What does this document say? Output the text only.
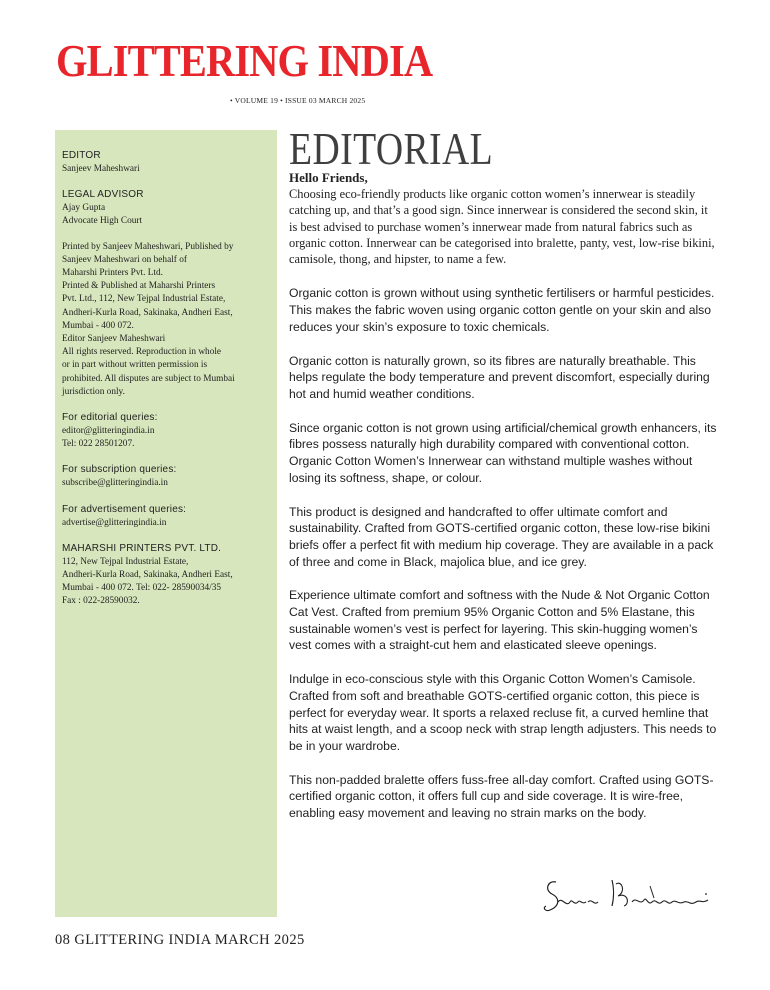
GLITTERING INDIA
• VOLUME 19 • ISSUE 03 MARCH 2025
EDITOR
Sanjeev Maheshwari
LEGAL ADVISOR
Ajay Gupta
Advocate High Court
Printed by Sanjeev Maheshwari, Published by
Sanjeev Maheshwari on behalf of
Maharshi Printers Pvt. Ltd.
Printed & Published at Maharshi Printers
Pvt. Ltd., 112, New Tejpal Industrial Estate,
Andheri-Kurla Road, Sakinaka, Andheri East,
Mumbai - 400 072.
Editor Sanjeev Maheshwari
All rights reserved. Reproduction in whole
or in part without written permission is
prohibited. All disputes are subject to Mumbai
jurisdiction only.
For editorial queries:
editor@glitteringindia.in
Tel: 022 28501207.
For subscription queries:
subscribe@glitteringindia.in
For advertisement queries:
advertise@glitteringindia.in
MAHARSHI PRINTERS PVT. LTD.
112, New Tejpal Industrial Estate,
Andheri-Kurla Road, Sakinaka, Andheri East,
Mumbai - 400 072. Tel: 022- 28590034/35
Fax : 022-28590032.
EDITORIAL
Hello Friends,

Choosing eco-friendly products like organic cotton women’s innerwear is steadily catching up, and that’s a good sign. Since innerwear is considered the second skin, it is best advised to purchase women’s innerwear made from natural fabrics such as organic cotton. Innerwear can be categorised into bralette, panty, vest, low-rise bikini, camisole, thong, and hipster, to name a few.

Organic cotton is grown without using synthetic fertilisers or harmful pesticides. This makes the fabric woven using organic cotton gentle on your skin and also reduces your skin’s exposure to toxic chemicals.

Organic cotton is naturally grown, so its fibres are naturally breathable. This helps regulate the body temperature and prevent discomfort, especially during hot and humid weather conditions.

Since organic cotton is not grown using artificial/chemical growth enhancers, its fibres possess naturally high durability compared with conventional cotton. Organic Cotton Women’s Innerwear can withstand multiple washes without losing its softness, shape, or colour.

This product is designed and handcrafted to offer ultimate comfort and sustainability. Crafted from GOTS-certified organic cotton, these low-rise bikini briefs offer a perfect fit with medium hip coverage. They are available in a pack of three and come in Black, majolica blue, and ice grey.

Experience ultimate comfort and softness with the Nude & Not Organic Cotton Cat Vest. Crafted from premium 95% Organic Cotton and 5% Elastane, this sustainable women’s vest is perfect for layering. This skin-hugging women’s vest comes with a straight-cut hem and elasticated sleeve openings.

Indulge in eco-conscious style with this Organic Cotton Women’s Camisole. Crafted from soft and breathable GOTS-certified organic cotton, this piece is perfect for everyday wear. It sports a relaxed recluse fit, a curved hemline that hits at waist length, and a scoop neck with strap length adjusters. This needs to be in your wardrobe.

This non-padded bralette offers fuss-free all-day comfort. Crafted using GOTS-certified organic cotton, it offers full cup and side coverage. It is wire-free, enabling easy movement and leaving no strain marks on the body.

08 GLITTERING INDIA MARCH 2025
